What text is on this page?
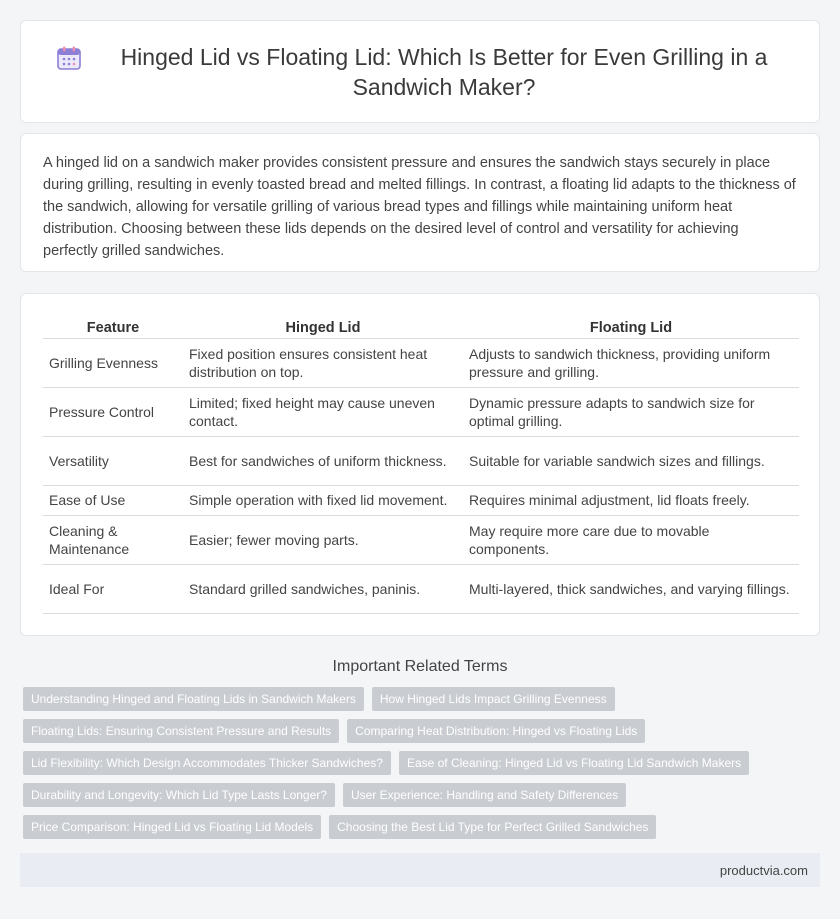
Hinged Lid vs Floating Lid: Which Is Better for Even Grilling in a Sandwich Maker?

A hinged lid on a sandwich maker provides consistent pressure and ensures the sandwich stays securely in place during grilling, resulting in evenly toasted bread and melted fillings. In contrast, a floating lid adapts to the thickness of the sandwich, allowing for versatile grilling of various bread types and fillings while maintaining uniform heat distribution. Choosing between these lids depends on the desired level of control and versatility for achieving perfectly grilled sandwiches.

Feature	Hinged Lid	Floating Lid
Grilling Evenness	Fixed position ensures consistent heat distribution on top.	Adjusts to sandwich thickness, providing uniform pressure and grilling.
Pressure Control	Limited; fixed height may cause uneven contact.	Dynamic pressure adapts to sandwich size for optimal grilling.
Versatility	Best for sandwiches of uniform thickness.	Suitable for variable sandwich sizes and fillings.
Ease of Use	Simple operation with fixed lid movement.	Requires minimal adjustment, lid floats freely.
Cleaning & Maintenance	Easier; fewer moving parts.	May require more care due to movable components.
Ideal For	Standard grilled sandwiches, paninis.	Multi-layered, thick sandwiches, and varying fillings.
Important Related Terms
Understanding Hinged and Floating Lids in Sandwich Makers	How Hinged Lids Impact Grilling Evenness
Floating Lids: Ensuring Consistent Pressure and Results	Comparing Heat Distribution: Hinged vs Floating Lids
Lid Flexibility: Which Design Accommodates Thicker Sandwiches?	Ease of Cleaning: Hinged Lid vs Floating Lid Sandwich Makers
Durability and Longevity: Which Lid Type Lasts Longer?	User Experience: Handling and Safety Differences
Price Comparison: Hinged Lid vs Floating Lid Models	Choosing the Best Lid Type for Perfect Grilled Sandwiches
productvia.com
